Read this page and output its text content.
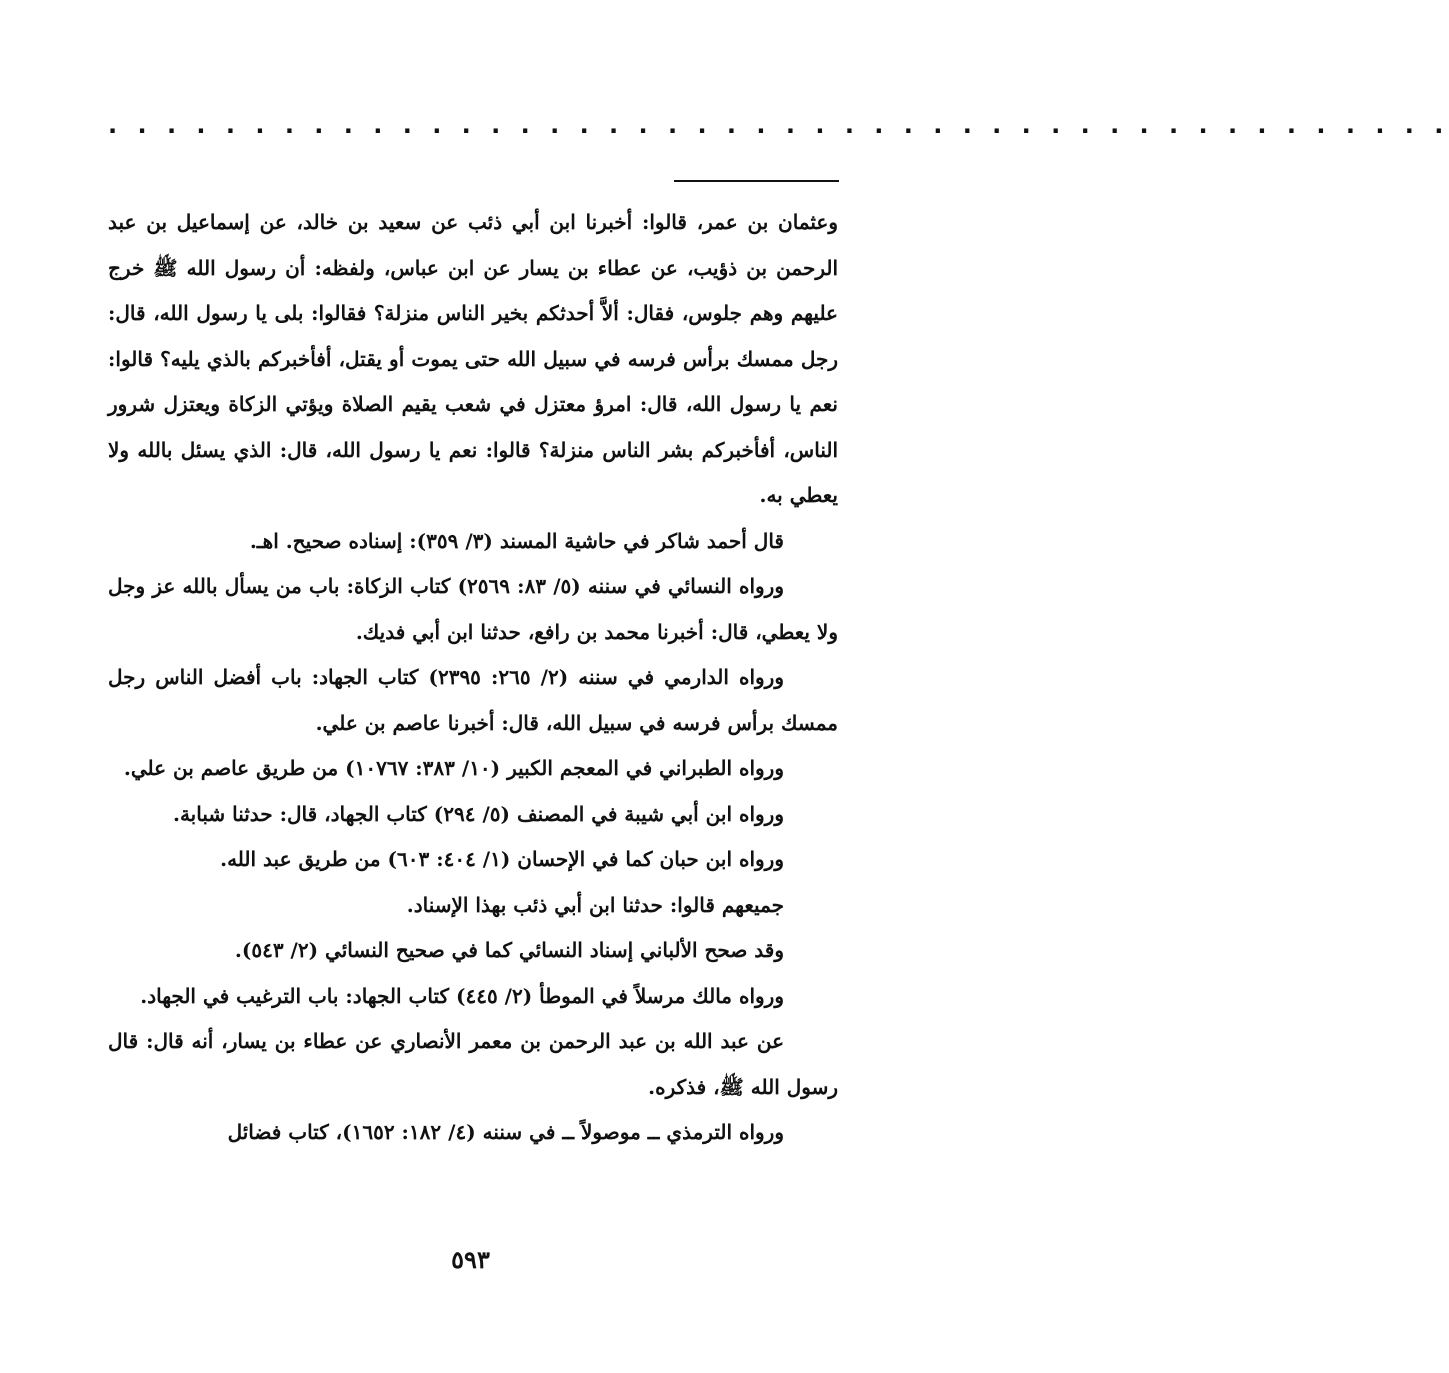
. . . . . . . . . . . . . . . . . . . . . . . . . . . . . . . . . . . . . . . . . . . . . .

وعثمان بن عمر، قالوا: أخبرنا ابن أبي ذئب عن سعيد بن خالد، عن إسماعيل بن عبد الرحمن بن ذؤيب، عن عطاء بن يسار عن ابن عباس، ولفظه: أن رسول الله ﷺ خرج عليهم وهم جلوس، فقال: ألاَّ أحدثكم بخير الناس منزلة؟ فقالوا: بلى يا رسول الله، قال: رجل ممسك برأس فرسه في سبيل الله حتى يموت أو يقتل، أفأخبركم بالذي يليه؟ قالوا: نعم يا رسول الله، قال: امرؤ معتزل في شعب يقيم الصلاة ويؤتي الزكاة ويعتزل شرور الناس، أفأخبركم بشر الناس منزلة؟ قالوا: نعم يا رسول الله، قال: الذي يسئل بالله ولا يعطي به.

قال أحمد شاكر في حاشية المسند (٣/ ٣٥٩): إسناده صحيح. اهـ.

ورواه النسائي في سننه (٥/ ٨٣: ٢٥٦٩) كتاب الزكاة: باب من يسأل بالله عز وجل ولا يعطي، قال: أخبرنا محمد بن رافع، حدثنا ابن أبي فديك.

ورواه الدارمي في سننه (٢/ ٢٦٥: ٢٣٩٥) كتاب الجهاد: باب أفضل الناس رجل ممسك برأس فرسه في سبيل الله، قال: أخبرنا عاصم بن علي.

ورواه الطبراني في المعجم الكبير (١٠/ ٣٨٣: ١٠٧٦٧) من طريق عاصم بن علي.

ورواه ابن أبي شيبة في المصنف (٥/ ٢٩٤) كتاب الجهاد، قال: حدثنا شبابة.

ورواه ابن حبان كما في الإحسان (١/ ٤٠٤: ٦٠٣) من طريق عبد الله.

جميعهم قالوا: حدثنا ابن أبي ذئب بهذا الإسناد.

وقد صحح الألباني إسناد النسائي كما في صحيح النسائي (٢/ ٥٤٣).

ورواه مالك مرسلاً في الموطأ (٢/ ٤٤٥) كتاب الجهاد: باب الترغيب في الجهاد.

عن عبد الله بن عبد الرحمن بن معمر الأنصاري عن عطاء بن يسار، أنه قال: قال رسول الله ﷺ، فذكره.

ورواه الترمذي ــ موصولاً ــ في سننه (٤/ ١٨٢: ١٦٥٢)، كتاب فضائل

٥٩٣
